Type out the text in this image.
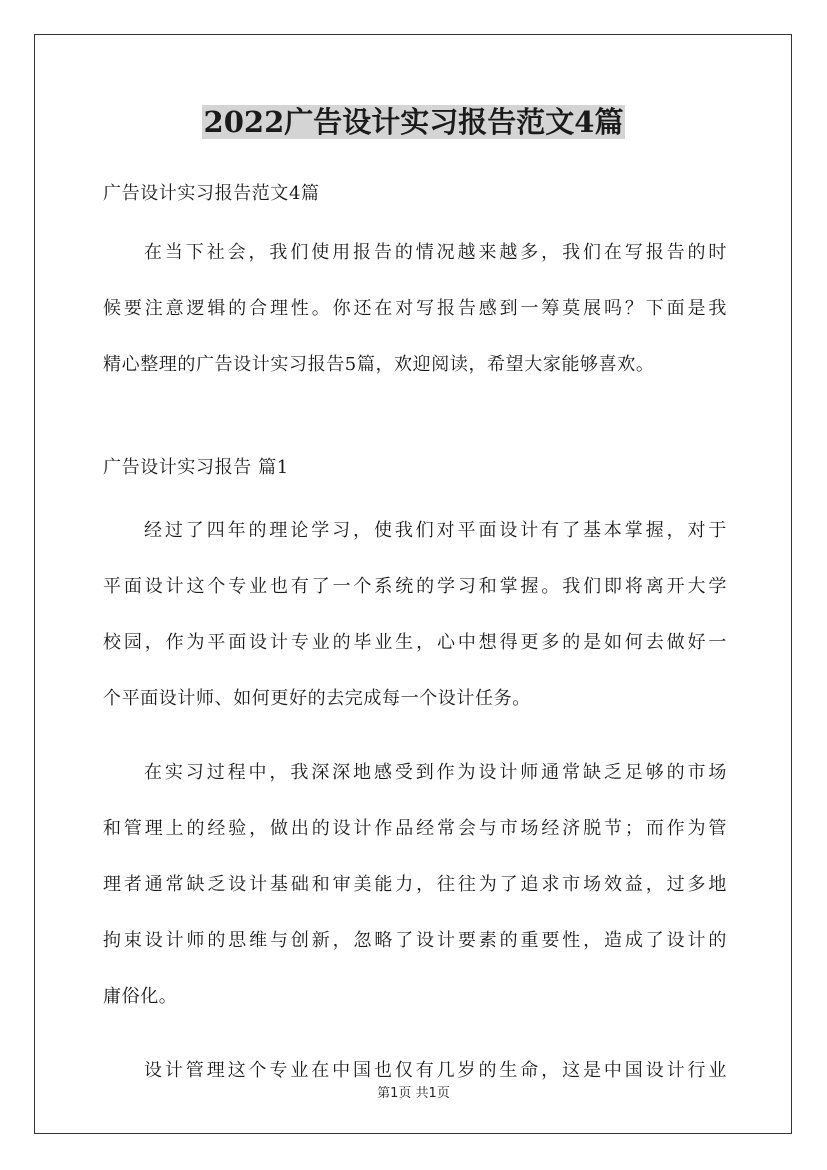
2022广告设计实习报告范文4篇
广告设计实习报告范文4篇
在当下社会，我们使用报告的情况越来越多，我们在写报告的时
候要注意逻辑的合理性。你还在对写报告感到一筹莫展吗？下面是我
精心整理的广告设计实习报告5篇，欢迎阅读，希望大家能够喜欢。
广告设计实习报告 篇1
经过了四年的理论学习，使我们对平面设计有了基本掌握，对于
平面设计这个专业也有了一个系统的学习和掌握。我们即将离开大学
校园，作为平面设计专业的毕业生，心中想得更多的是如何去做好一
个平面设计师、如何更好的去完成每一个设计任务。
在实习过程中，我深深地感受到作为设计师通常缺乏足够的市场
和管理上的经验，做出的设计作品经常会与市场经济脱节；而作为管
理者通常缺乏设计基础和审美能力，往往为了追求市场效益，过多地
拘束设计师的思维与创新，忽略了设计要素的重要性，造成了设计的
庸俗化。
设计管理这个专业在中国也仅有几岁的生命，这是中国设计行业
第1页 共1页
